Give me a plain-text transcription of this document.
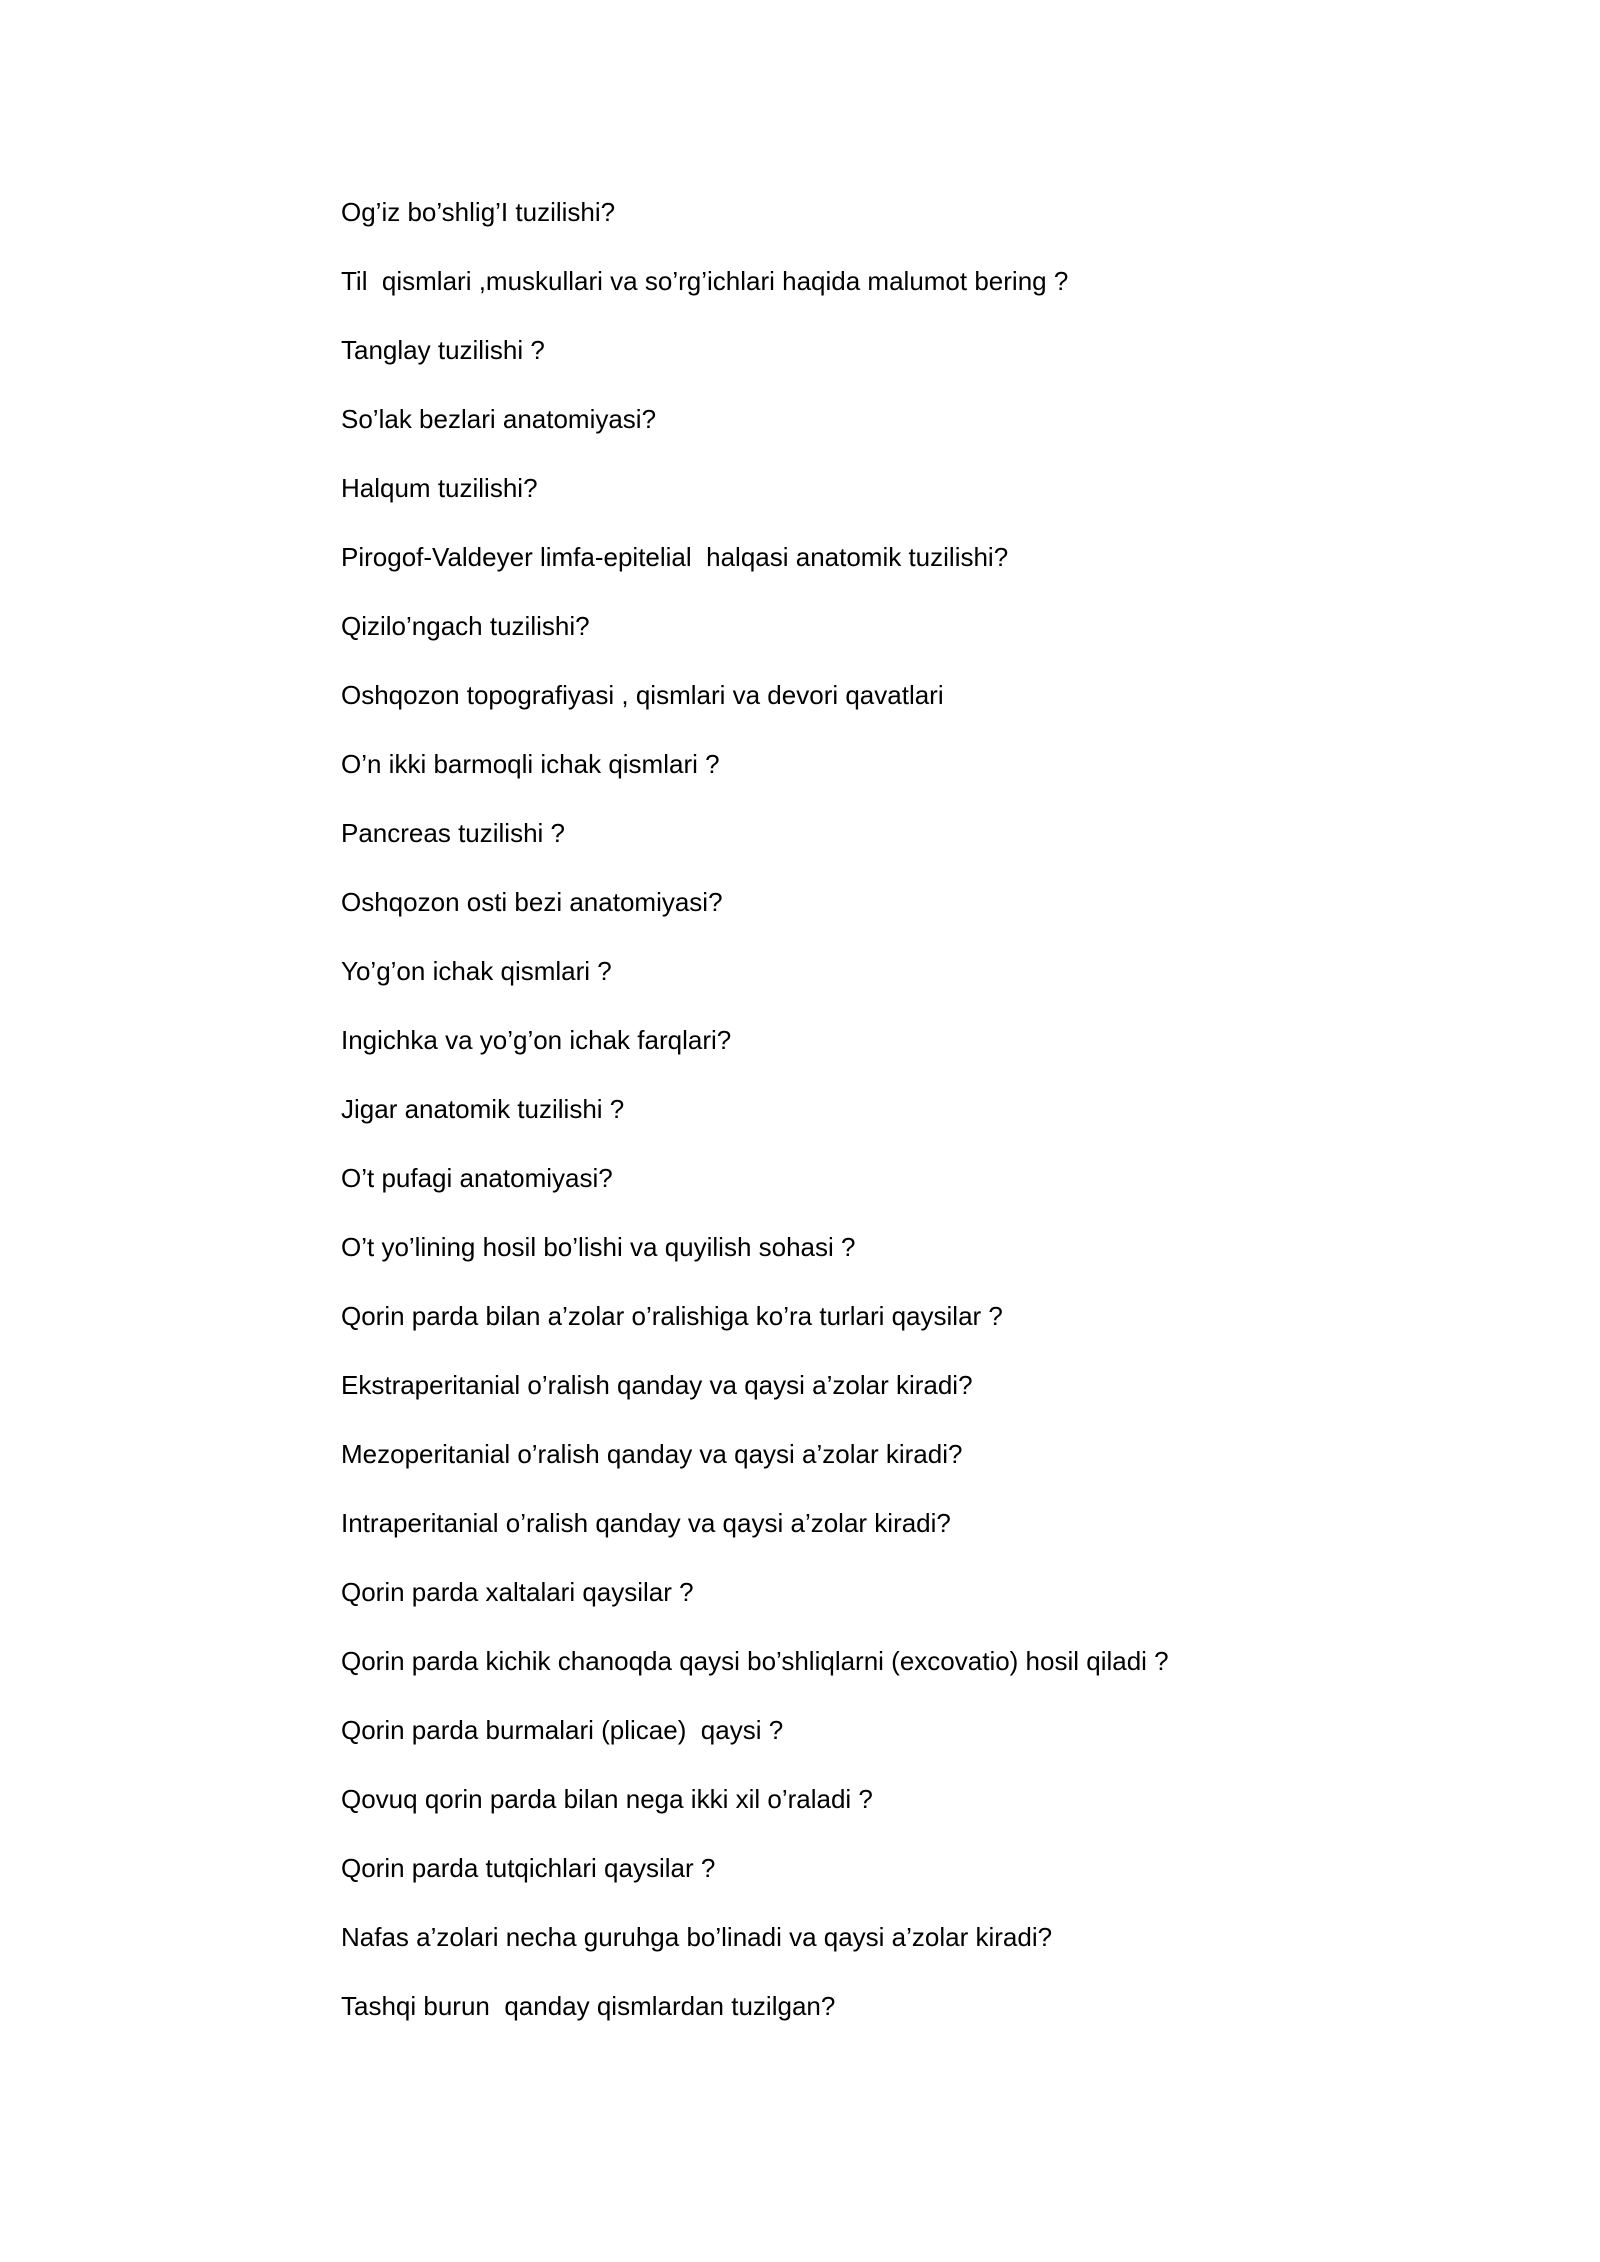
Og’iz bo’shlig’I tuzilishi?
Til  qismlari ,muskullari va so’rg’ichlari haqida malumot bering ?
Tanglay tuzilishi ?
So’lak bezlari anatomiyasi?
Halqum tuzilishi?
Pirogof-Valdeyer limfa-epitelial  halqasi anatomik tuzilishi?
Qizilo’ngach tuzilishi?
Oshqozon topografiyasi , qismlari va devori qavatlari
O’n ikki barmoqli ichak qismlari ?
Pancreas tuzilishi ?
Oshqozon osti bezi anatomiyasi?
Yo’g’on ichak qismlari ?
Ingichka va yo’g’on ichak farqlari?
Jigar anatomik tuzilishi ?
O’t pufagi anatomiyasi?
O’t yo’lining hosil bo’lishi va quyilish sohasi ?
Qorin parda bilan a’zolar o’ralishiga ko’ra turlari qaysilar ?
Ekstraperitanial o’ralish qanday va qaysi a’zolar kiradi?
Mezoperitanial o’ralish qanday va qaysi a’zolar kiradi?
Intraperitanial o’ralish qanday va qaysi a’zolar kiradi?
Qorin parda xaltalari qaysilar ?
Qorin parda kichik chanoqda qaysi bo’shliqlarni (excovatio) hosil qiladi ?
Qorin parda burmalari (plicae)  qaysi ?
Qovuq qorin parda bilan nega ikki xil o’raladi ?
Qorin parda tutqichlari qaysilar ?
Nafas a’zolari necha guruhga bo’linadi va qaysi a’zolar kiradi?
Tashqi burun  qanday qismlardan tuzilgan?
